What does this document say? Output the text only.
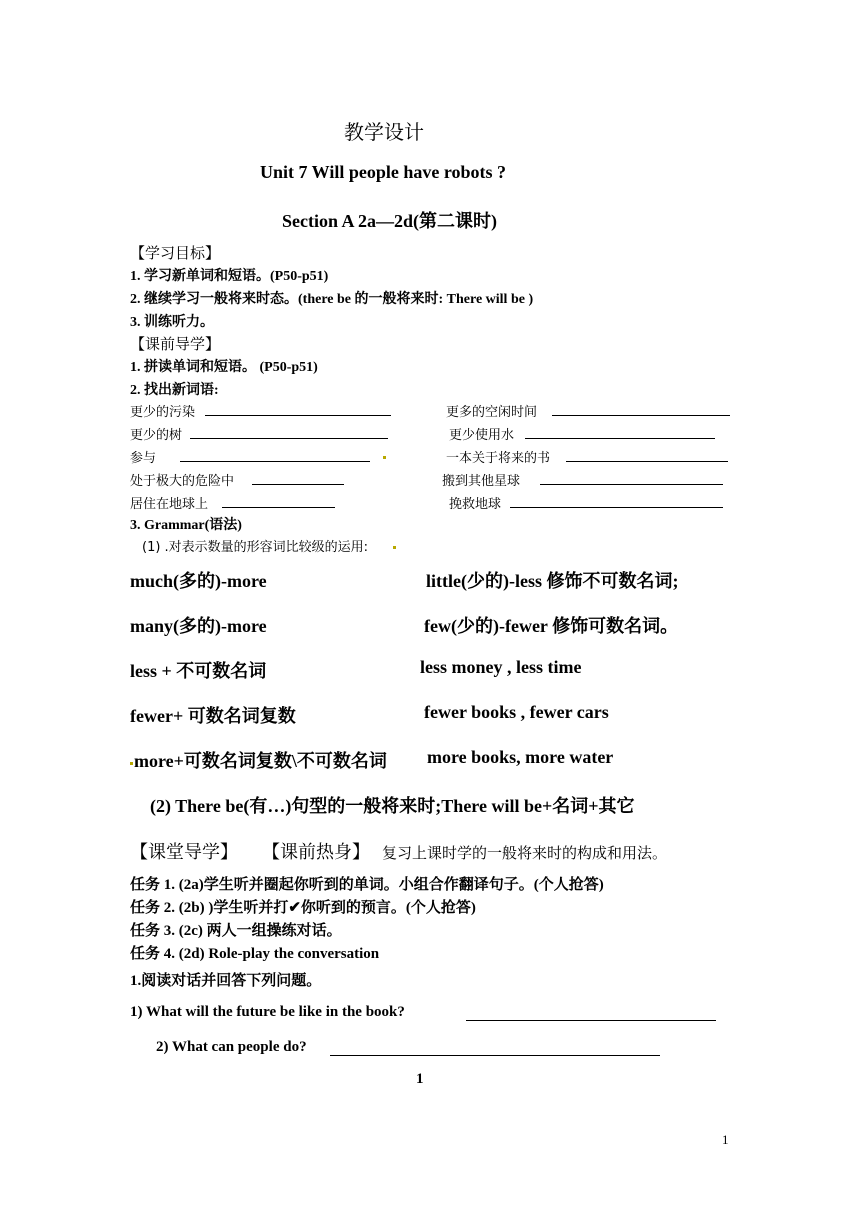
教学设计
Unit 7 Will people have robots ?
Section A 2a—2d(第二课时)
【学习目标】
1. 学习新单词和短语。(P50-p51)
2. 继续学习一般将来时态。(there be 的一般将来时: There will be )
3. 训练听力。
【课前导学】
1. 拼读单词和短语。 (P50-p51)
2. 找出新词语:
更少的污染	更多的空闲时间
更少的树	更少使用水
参与	一本关于将来的书
处于极大的危险中	搬到其他星球
居住在地球上	挽救地球
3. Grammar(语法)
(1) .对表示数量的形容词比较级的运用:
much(多的)-more	little(少的)-less 修饰不可数名词;
many(多的)-more	few(少的)-fewer 修饰可数名词。
less + 不可数名词	less money , less time
fewer+ 可数名词复数	fewer books , fewer cars
more+可数名词复数\不可数名词 more books, more water
(2) There be(有…)句型的一般将来时;There will be+名词+其它
【课堂导学】 【课前热身】 复习上课时学的一般将来时的构成和用法。
任务 1. (2a)学生听并圈起你听到的单词。小组合作翻译句子。(个人抢答)
任务 2. (2b) )学生听并打✔你听到的预言。(个人抢答)
任务 3. (2c) 两人一组操练对话。
任务 4. (2d) Role-play the conversation
1.阅读对话并回答下列问题。
1) What will the future be like in the book?
2) What can people do?
1
1
